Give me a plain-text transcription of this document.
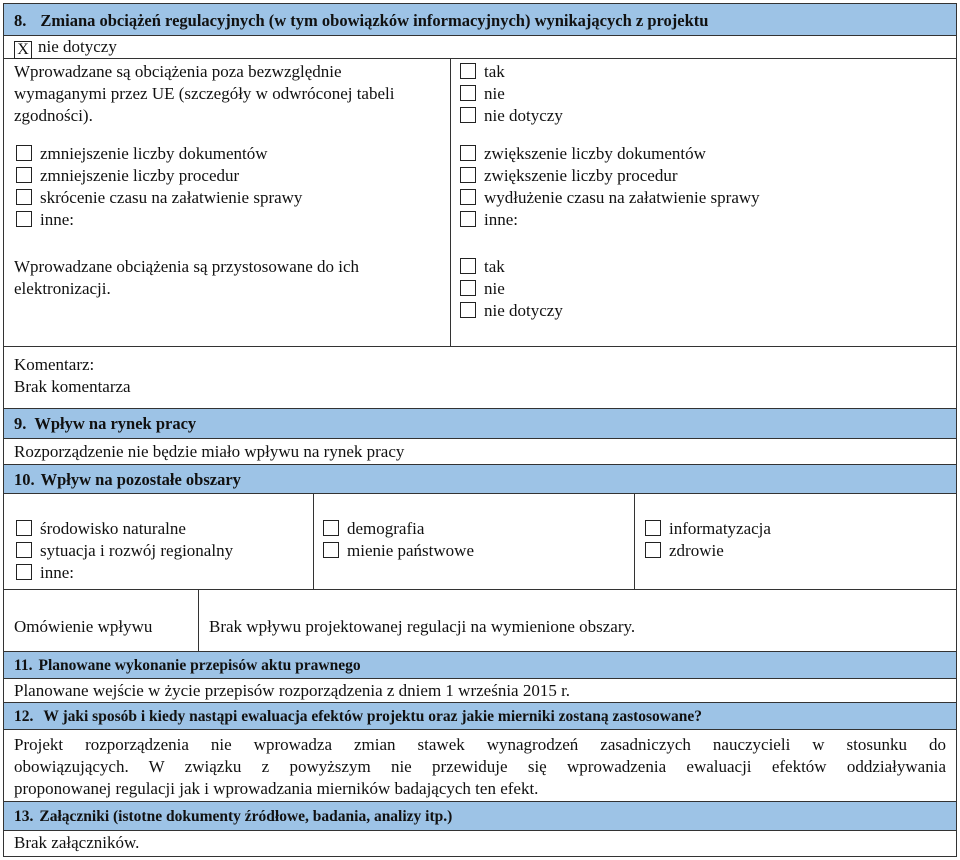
8. Zmiana obciążeń regulacyjnych (w tym obowiązków informacyjnych) wynikających z projektu
X nie dotyczy
Wprowadzane są obciążenia poza bezwzględnie
wymaganymi przez UE (szczegóły w odwróconej tabeli
zgodności).
tak
nie
nie dotyczy
zmniejszenie liczby dokumentów
zmniejszenie liczby procedur
skrócenie czasu na załatwienie sprawy
inne:
zwiększenie liczby dokumentów
zwiększenie liczby procedur
wydłużenie czasu na załatwienie sprawy
inne:
Wprowadzane obciążenia są przystosowane do ich
elektronizacji.
tak
nie
nie dotyczy
Komentarz:
Brak komentarza
9. Wpływ na rynek pracy
Rozporządzenie nie będzie miało wpływu na rynek pracy
10. Wpływ na pozostałe obszary
środowisko naturalne
sytuacja i rozwój regionalny
inne:
demografia
mienie państwowe
informatyzacja
zdrowie
Omówienie wpływu	Brak wpływu projektowanej regulacji na wymienione obszary.
11. Planowane wykonanie przepisów aktu prawnego
Planowane wejście w życie przepisów rozporządzenia z dniem 1 września 2015 r.
12. W jaki sposób i kiedy nastąpi ewaluacja efektów projektu oraz jakie mierniki zostaną zastosowane?
Projekt rozporządzenia nie wprowadza zmian stawek wynagrodzeń zasadniczych nauczycieli w stosunku do
obowiązujących. W związku z powyższym nie przewiduje się wprowadzenia ewaluacji efektów oddziaływania
proponowanej regulacji jak i wprowadzania mierników badających ten efekt.
13. Załączniki (istotne dokumenty źródłowe, badania, analizy itp.)
Brak załączników.
